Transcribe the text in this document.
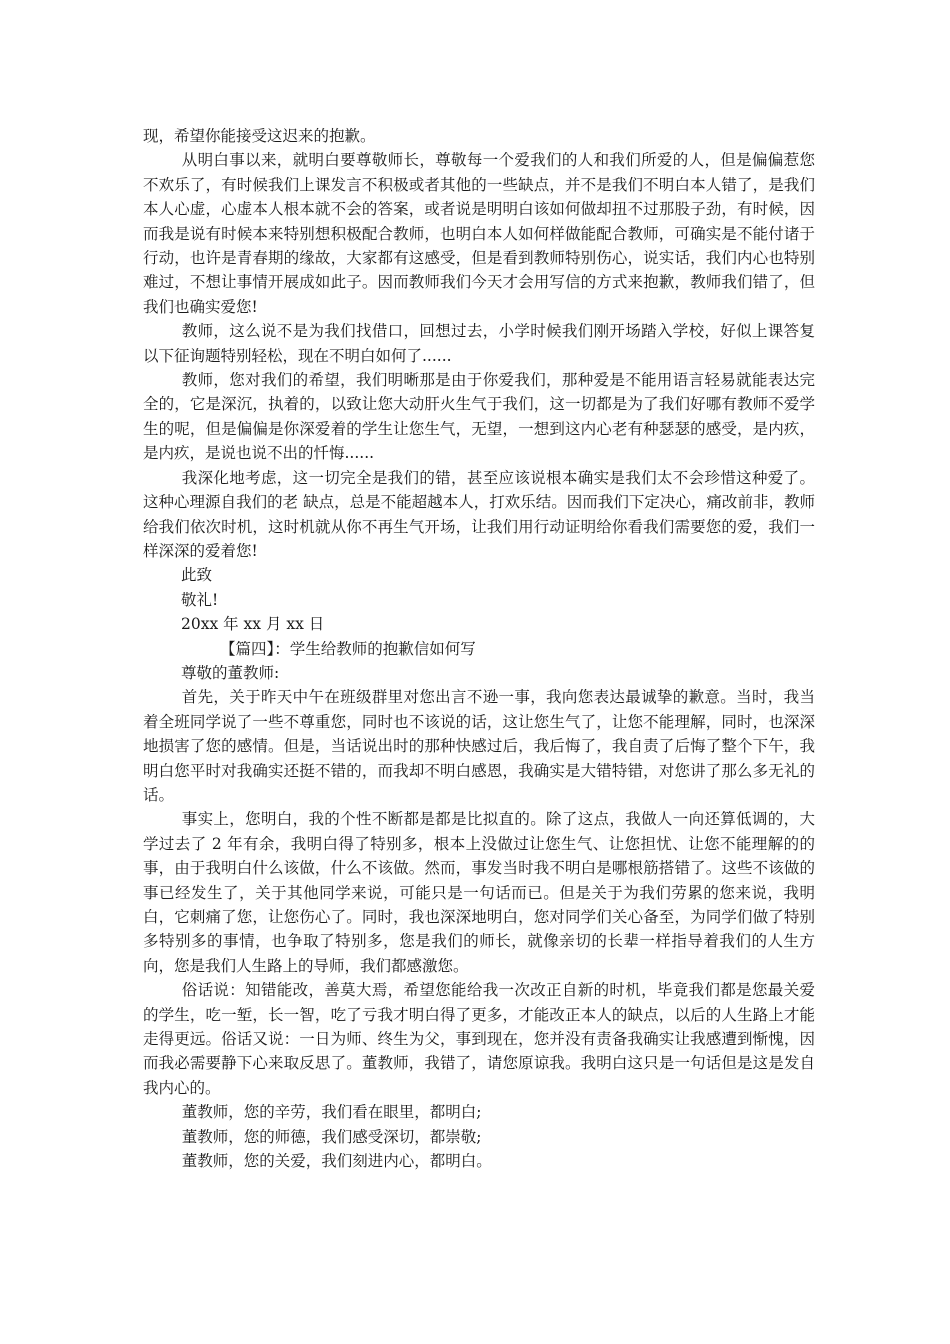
现，希望你能接受这迟来的抱歉。

从明白事以来，就明白要尊敬师长，尊敬每一个爱我们的人和我们所爱的人，但是偏偏惹您不欢乐了，有时候我们上课发言不积极或者其他的一些缺点，并不是我们不明白本人错了，是我们本人心虚，心虚本人根本就不会的答案，或者说是明明白该如何做却扭不过那股子劲，有时候，因而我是说有时候本来特别想积极配合教师，也明白本人如何样做能配合教师，可确实是不能付诸于行动，也许是青春期的缘故，大家都有这感受，但是看到教师特别伤心，说实话，我们内心也特别难过，不想让事情开展成如此子。因而教师我们今天才会用写信的方式来抱歉，教师我们错了，但我们也确实爱您!

教师，这么说不是为我们找借口，回想过去，小学时候我们刚开场踏入学校，好似上课答复以下征询题特别轻松，现在不明白如何了......

教师，您对我们的希望，我们明晰那是由于你爱我们，那种爱是不能用语言轻易就能表达完全的，它是深沉，执着的，以致让您大动肝火生气于我们，这一切都是为了我们好哪有教师不爱学生的呢，但是偏偏是你深爱着的学生让您生气，无望，一想到这内心老有种瑟瑟的感受，是内疚，是内疚，是说也说不出的忏悔......

我深化地考虑，这一切完全是我们的错，甚至应该说根本确实是我们太不会珍惜这种爱了。这种心理源自我们的老 缺点，总是不能超越本人，打欢乐结。因而我们下定决心，痛改前非，教师给我们依次时机，这时机就从你不再生气开场，让我们用行动证明给你看我们需要您的爱，我们一样深深的爱着您!

此致

敬礼!

20xx 年 xx 月 xx 日

【篇四】：学生给教师的抱歉信如何写

尊敬的董教师:

首先，关于昨天中午在班级群里对您出言不逊一事，我向您表达最诚挚的歉意。当时，我当着全班同学说了一些不尊重您，同时也不该说的话，这让您生气了，让您不能理解，同时，也深深地损害了您的感情。但是，当话说出时的那种快感过后，我后悔了，我自责了后悔了整个下午，我明白您平时对我确实还挺不错的，而我却不明白感恩，我确实是大错特错，对您讲了那么多无礼的话。

事实上，您明白，我的个性不断都是都是比拟直的。除了这点，我做人一向还算低调的，大学过去了 2 年有余，我明白得了特别多，根本上没做过让您生气、让您担忧、让您不能理解的的事，由于我明白什么该做，什么不该做。然而，事发当时我不明白是哪根筋搭错了。这些不该做的事已经发生了，关于其他同学来说，可能只是一句话而已。但是关于为我们劳累的您来说，我明白，它刺痛了您，让您伤心了。同时，我也深深地明白，您对同学们关心备至，为同学们做了特别多特别多的事情，也争取了特别多，您是我们的师长，就像亲切的长辈一样指导着我们的人生方向，您是我们人生路上的导师，我们都感激您。

俗话说：知错能改，善莫大焉，希望您能给我一次改正自新的时机，毕竟我们都是您最关爱的学生，吃一堑，长一智，吃了亏我才明白得了更多，才能改正本人的缺点，以后的人生路上才能走得更远。俗话又说：一日为师、终生为父，事到现在，您并没有责备我确实让我感遭到惭愧，因而我必需要静下心来取反思了。董教师，我错了，请您原谅我。我明白这只是一句话但是这是发自我内心的。

董教师，您的辛劳，我们看在眼里，都明白;

董教师，您的师德，我们感受深切，都崇敬;

董教师，您的关爱，我们刻进内心，都明白。
